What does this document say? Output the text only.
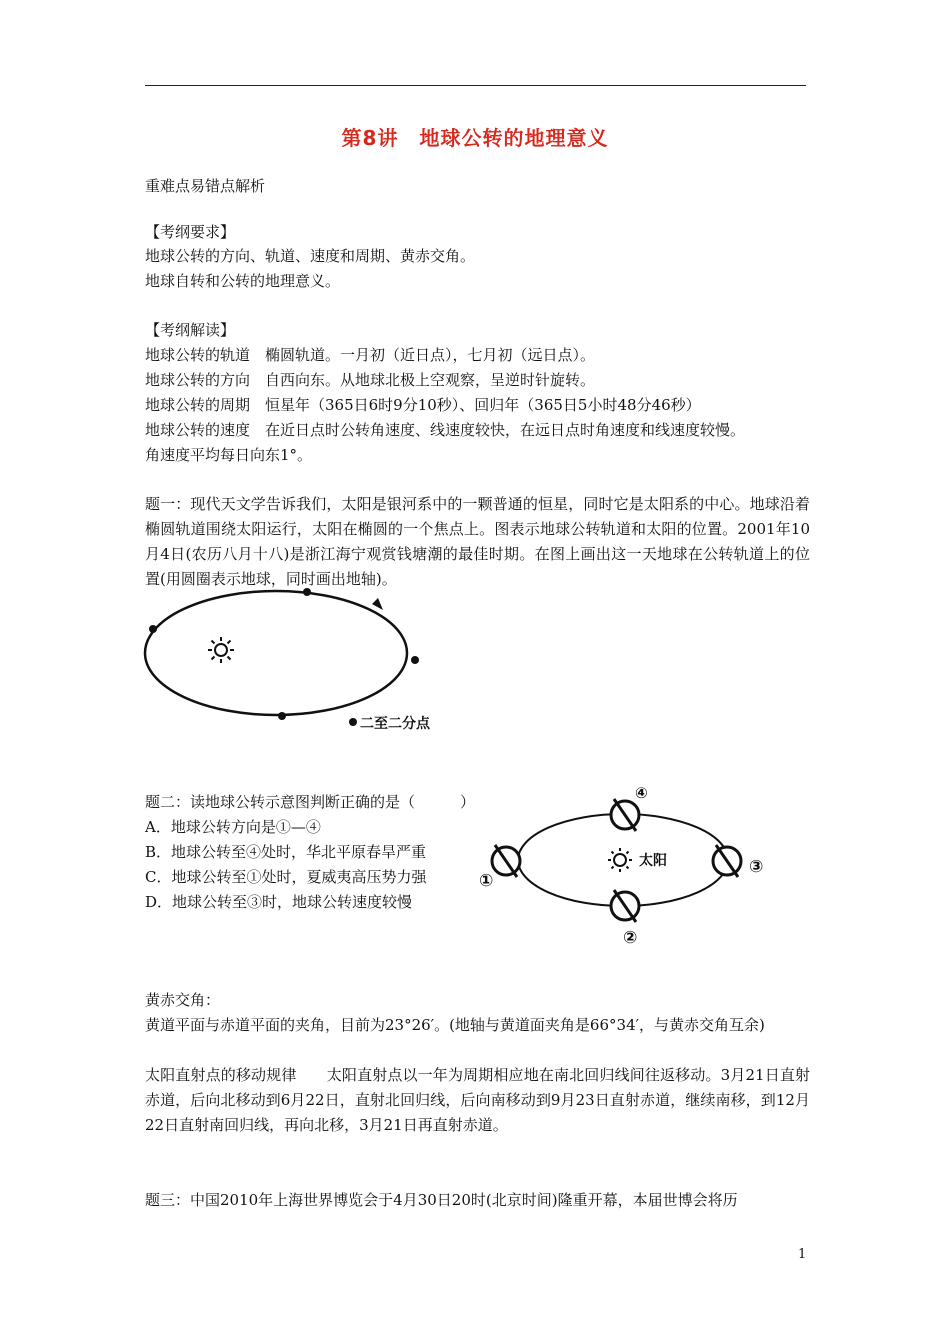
第8讲　地球公转的地理意义
重难点易错点解析
【考纲要求】
地球公转的方向、轨道、速度和周期、黄赤交角。
地球自转和公转的地理意义。
【考纲解读】
地球公转的轨道　椭圆轨道。一月初（近日点），七月初（远日点）。
地球公转的方向　自西向东。从地球北极上空观察，呈逆时针旋转。
地球公转的周期　恒星年（365日6时9分10秒）、回归年（365日5小时48分46秒）
地球公转的速度　在近日点时公转角速度、线速度较快，在远日点时角速度和线速度较慢。
角速度平均每日向东1°。
题一：现代天文学告诉我们，太阳是银河系中的一颗普通的恒星，同时它是太阳系的中心。地球沿着椭圆轨道围绕太阳运行，太阳在椭圆的一个焦点上。图表示地球公转轨道和太阳的位置。2001年10月4日(农历八月十八)是浙江海宁观赏钱塘潮的最佳时期。在图上画出这一天地球在公转轨道上的位置(用圆圈表示地球，同时画出地轴)。
二至二分点
题二：读地球公转示意图判断正确的是（　　　）
A．地球公转方向是①—④
B．地球公转至④处时，华北平原春旱严重
C．地球公转至①处时，夏威夷高压势力强
D．地球公转至③时，地球公转速度较慢
太阳
①
②
③
④
黄赤交角：
黄道平面与赤道平面的夹角，目前为23°26′。(地轴与黄道面夹角是66°34′，与黄赤交角互余)
太阳直射点的移动规律　　太阳直射点以一年为周期相应地在南北回归线间往返移动。3月21日直射赤道，后向北移动到6月22日，直射北回归线，后向南移动到9月23日直射赤道，继续南移，到12月22日直射南回归线，再向北移，3月21日再直射赤道。
题三：中国2010年上海世界博览会于4月30日20时(北京时间)隆重开幕，本届世博会将历
1
